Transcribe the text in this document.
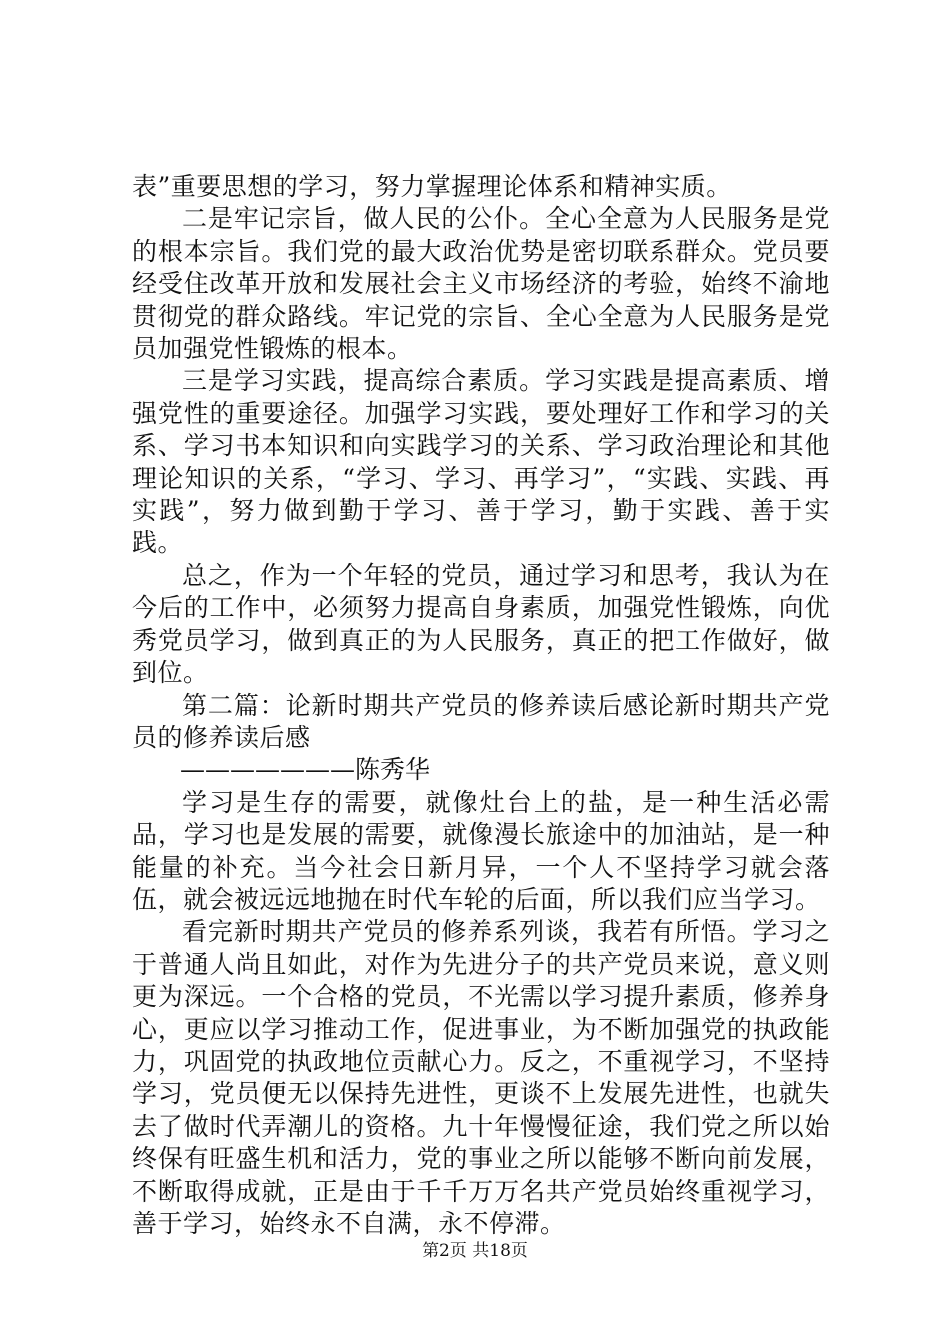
表”重要思想的学习，努力掌握理论体系和精神实质。

二是牢记宗旨，做人民的公仆。全心全意为人民服务是党的根本宗旨。我们党的最大政治优势是密切联系群众。党员要经受住改革开放和发展社会主义市场经济的考验，始终不渝地贯彻党的群众路线。牢记党的宗旨、全心全意为人民服务是党员加强党性锻炼的根本。

三是学习实践，提高综合素质。学习实践是提高素质、增强党性的重要途径。加强学习实践，要处理好工作和学习的关系、学习书本知识和向实践学习的关系、学习政治理论和其他理论知识的关系，“学习、学习、再学习”，“实践、实践、再实践”，努力做到勤于学习、善于学习，勤于实践、善于实践。

总之，作为一个年轻的党员，通过学习和思考，我认为在今后的工作中，必须努力提高自身素质，加强党性锻炼，向优秀党员学习，做到真正的为人民服务，真正的把工作做好，做到位。

第二篇：论新时期共产党员的修养读后感论新时期共产党员的修养读后感

———————陈秀华

学习是生存的需要，就像灶台上的盐，是一种生活必需品，学习也是发展的需要，就像漫长旅途中的加油站，是一种能量的补充。当今社会日新月异，一个人不坚持学习就会落伍，就会被远远地抛在时代车轮的后面，所以我们应当学习。

看完新时期共产党员的修养系列谈，我若有所悟。学习之于普通人尚且如此，对作为先进分子的共产党员来说，意义则更为深远。一个合格的党员，不光需以学习提升素质，修养身心，更应以学习推动工作，促进事业，为不断加强党的执政能力，巩固党的执政地位贡献心力。反之，不重视学习，不坚持学习，党员便无以保持先进性，更谈不上发展先进性，也就失去了做时代弄潮儿的资格。九十年慢慢征途，我们党之所以始终保有旺盛生机和活力，党的事业之所以能够不断向前发展，不断取得成就，正是由于千千万万名共产党员始终重视学习，善于学习，始终永不自满，永不停滞。

第2页 共18页
